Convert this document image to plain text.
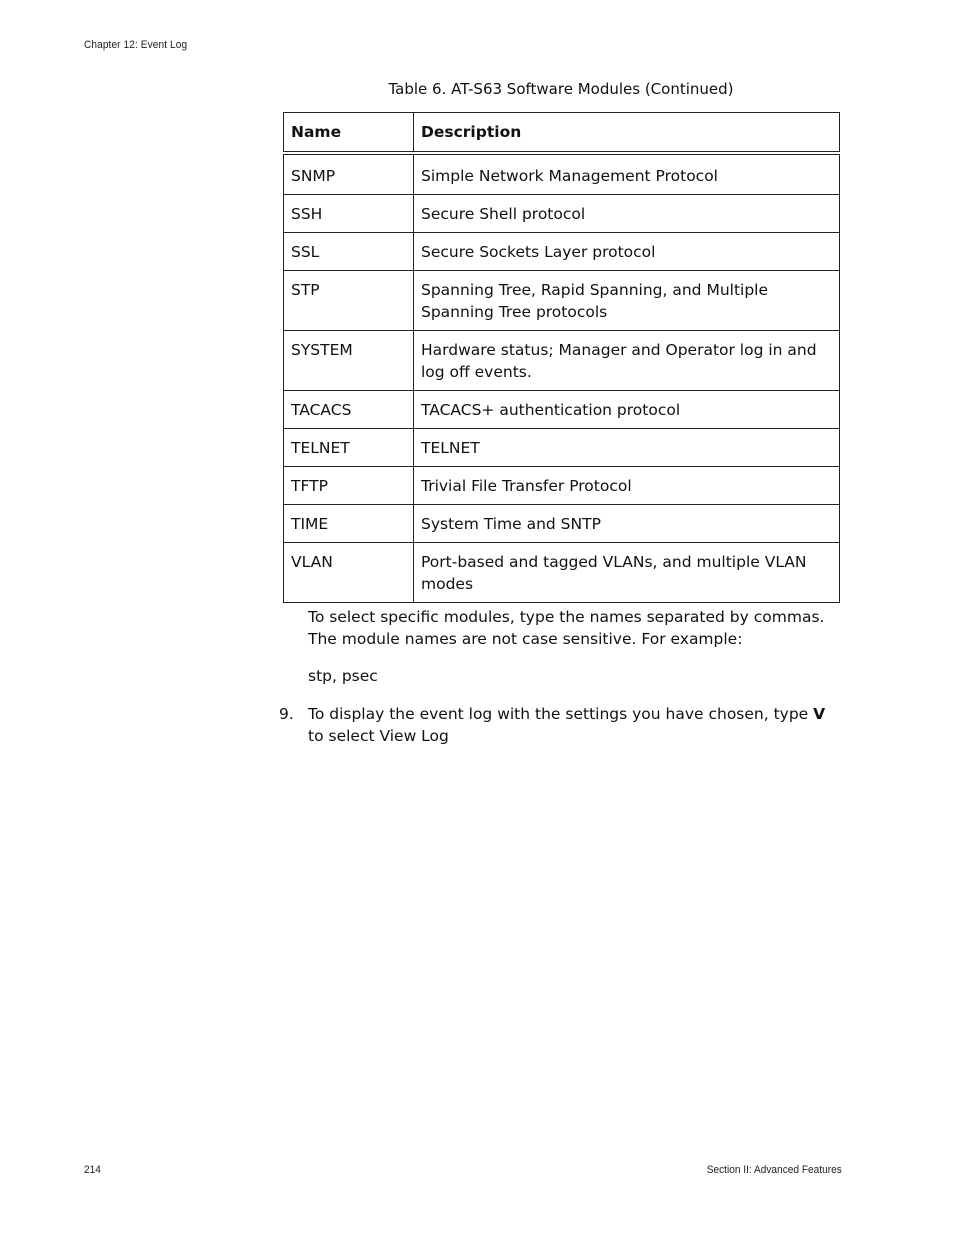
Chapter 12: Event Log
Table 6. AT-S63 Software Modules (Continued)
Name	Description
SNMP	Simple Network Management Protocol
SSH	Secure Shell protocol
SSL	Secure Sockets Layer protocol
STP	Spanning Tree, Rapid Spanning, and Multiple Spanning Tree protocols
SYSTEM	Hardware status; Manager and Operator log in and log off events.
TACACS	TACACS+ authentication protocol
TELNET	TELNET
TFTP	Trivial File Transfer Protocol
TIME	System Time and SNTP
VLAN	Port-based and tagged VLANs, and multiple VLAN modes
To select specific modules, type the names separated by commas. The module names are not case sensitive. For example:
stp, psec
9. To display the event log with the settings you have chosen, type V to select View Log
214	Section II: Advanced Features
